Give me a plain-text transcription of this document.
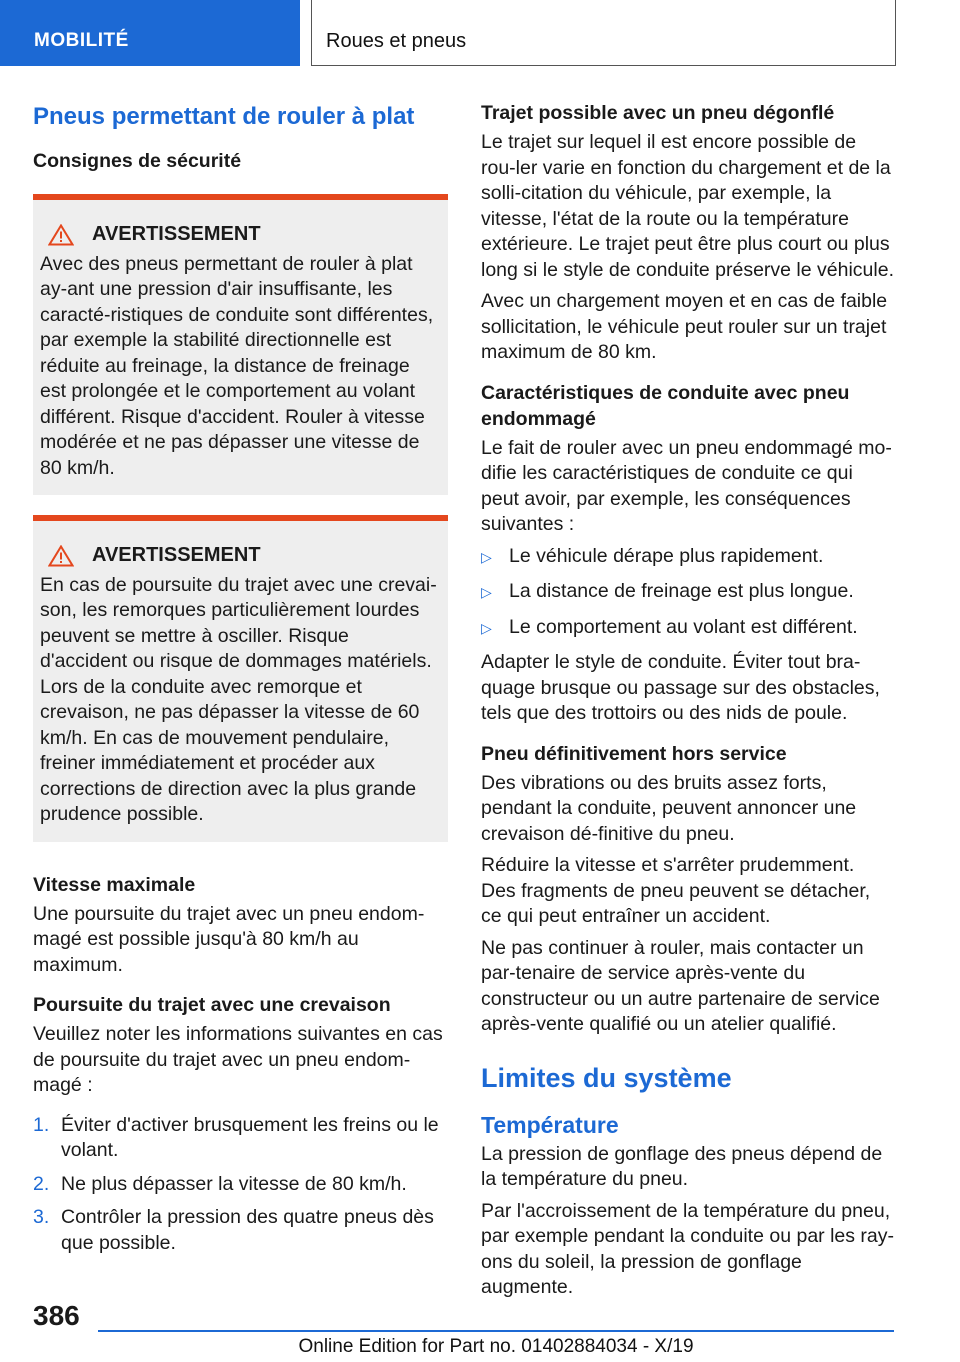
MOBILITÉ	Roues et pneus
Pneus permettant de rouler à plat
Consignes de sécurité
AVERTISSEMENT

Avec des pneus permettant de rouler à plat ay-ant une pression d'air insuffisante, les caracté-ristiques de conduite sont différentes, par exemple la stabilité directionnelle est réduite au freinage, la distance de freinage est prolongée et le comportement au volant différent. Risque d'accident. Rouler à vitesse modérée et ne pas dépasser une vitesse de 80 km/h.

AVERTISSEMENT

En cas de poursuite du trajet avec une crevai-son, les remorques particulièrement lourdes peuvent se mettre à osciller. Risque d'accident ou risque de dommages matériels. Lors de la conduite avec remorque et crevaison, ne pas dépasser la vitesse de 60 km/h. En cas de mouvement pendulaire, freiner immédiatement et procéder aux corrections de direction avec la plus grande prudence possible.

Vitesse maximale

Une poursuite du trajet avec un pneu endom-magé est possible jusqu'à 80 km/h au maximum.

Poursuite du trajet avec une crevaison

Veuillez noter les informations suivantes en cas de poursuite du trajet avec un pneu endom-magé :

1. Éviter d'activer brusquement les freins ou le volant.
2. Ne plus dépasser la vitesse de 80 km/h.
3. Contrôler la pression des quatre pneus dès que possible.
Trajet possible avec un pneu dégonflé

Le trajet sur lequel il est encore possible de rou-ler varie en fonction du chargement et de la solli-citation du véhicule, par exemple, la vitesse, l'état de la route ou la température extérieure. Le trajet peut être plus court ou plus long si le style de conduite préserve le véhicule.

Avec un chargement moyen et en cas de faible sollicitation, le véhicule peut rouler sur un trajet maximum de 80 km.

Caractéristiques de conduite avec pneu endommagé

Le fait de rouler avec un pneu endommagé mo-difie les caractéristiques de conduite ce qui peut avoir, par exemple, les conséquences suivantes :

▷ Le véhicule dérape plus rapidement.
▷ La distance de freinage est plus longue.
▷ Le comportement au volant est différent.

Adapter le style de conduite. Éviter tout bra-quage brusque ou passage sur des obstacles, tels que des trottoirs ou des nids de poule.

Pneu définitivement hors service

Des vibrations ou des bruits assez forts, pendant la conduite, peuvent annoncer une crevaison dé-finitive du pneu.

Réduire la vitesse et s'arrêter prudemment. Des fragments de pneu peuvent se détacher, ce qui peut entraîner un accident.

Ne pas continuer à rouler, mais contacter un par-tenaire de service après-vente du constructeur ou un autre partenaire de service après-vente qualifié ou un atelier qualifié.

Limites du système
Température

La pression de gonflage des pneus dépend de la température du pneu.

Par l'accroissement de la température du pneu, par exemple pendant la conduite ou par les ray-ons du soleil, la pression de gonflage augmente.

386
Online Edition for Part no. 01402884034 - X/19
